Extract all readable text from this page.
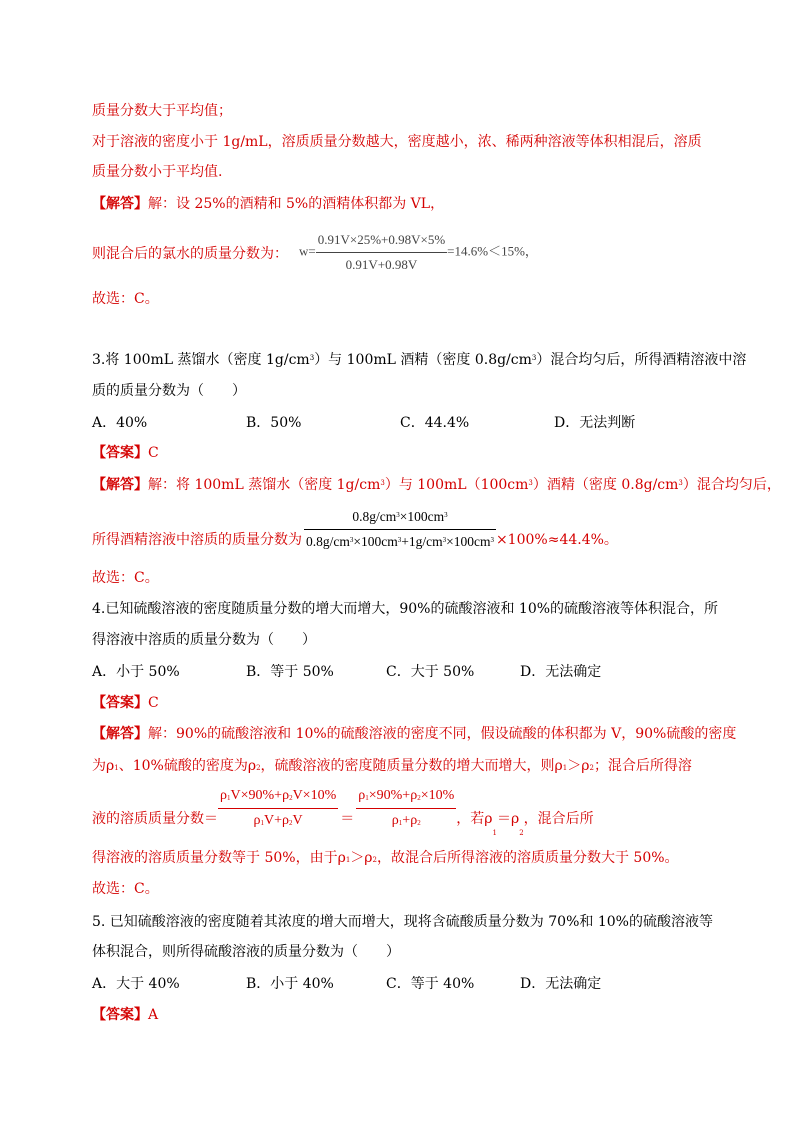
质量分数大于平均值；
对于溶液的密度小于 1g/mL，溶质质量分数越大，密度越小，浓、稀两种溶液等体积相混后，溶质
质量分数小于平均值.
【解答】解：设 25%的酒精和 5%的酒精体积都为 VL，
则混合后的氯水的质量分数为： $w= \frac{0.91V\times 25\%+0.98V\times 5\%}{0.91V+0.98V} =14.6\%<15\%$，
故选：C。
3.将 100mL 蒸馏水（密度 $1g/cm^3$）与 100mL 酒精（密度 $0.8g/cm^3$）混合均匀后，所得酒精溶液中溶
质的质量分数为（　　）
A．40%	B．50%	C．44.4%	D．无法判断
【答案】C
【解答】解：将 100mL 蒸馏水（密度 $1g/cm^3$）与 $100mL(100cm^3)$酒精（密度 $0.8g/cm^3$）混合均匀后，
所得酒精溶液中溶质的质量分数为 $\frac{0.8g/cm^3\times 100cm^3}{0.8g/cm^3\times 100cm^3+1g/cm^3\times 100cm^3} \times 100\%\approx 44.4\%$。
故选：C。
4.已知硫酸溶液的密度随质量分数的增大而增大，90%的硫酸溶液和 10%的硫酸溶液等体积混合，所
得溶液中溶质的质量分数为（　　）
A．小于 50%	B．等于 50%	C．大于 50%	D．无法确定
【答案】C
【解答】解：90%的硫酸溶液和 10%的硫酸溶液的密度不同，假设硫酸的体积都为 V，90%硫酸的密度
为$\rho_1$、10%硫酸的密度为$\rho_2$，硫酸溶液的密度随质量分数的增大而增大，则$\rho_1>\rho_2$；混合后所得溶
液的溶质质量分数＝ $\frac{\rho_1V\times 90\%+\rho_2V\times 10\%}{\rho_1V+\rho_2V} = \frac{\rho_1\times 90\%+\rho_2\times 10\%}{\rho_1+\rho_2}$ ，若$\rho_1=\rho_2$，混合后所
得溶液的溶质质量分数等于 50%，由于$\rho_1>\rho_2$，故混合后所得溶液的溶质质量分数大于 50%。
故选：C。
5. 已知硫酸溶液的密度随着其浓度的增大而增大，现将含硫酸质量分数为 70%和 10%的硫酸溶液等
体积混合，则所得硫酸溶液的质量分数为（　　）
A．大于 40%	B．小于 40%	C．等于 40%	D．无法确定
【答案】A
